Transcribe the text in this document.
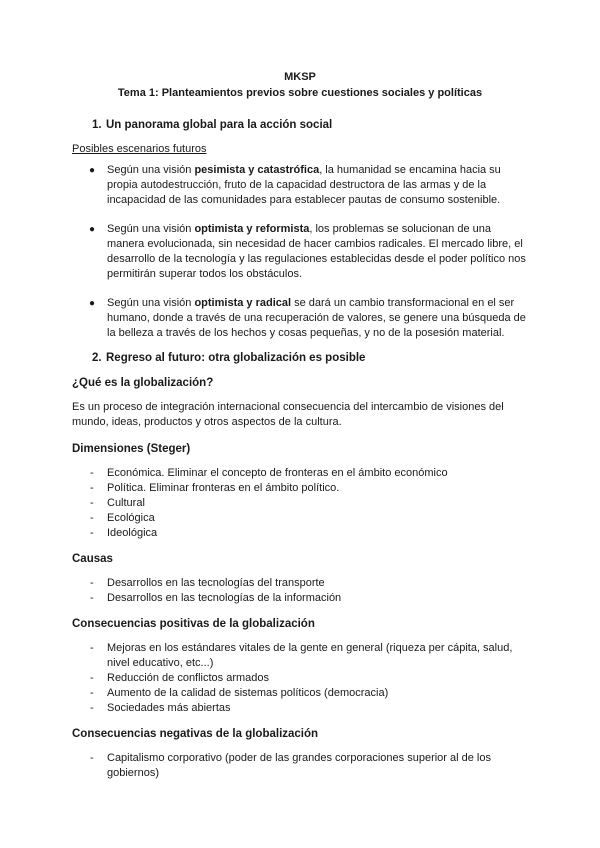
MKSP
Tema 1: Planteamientos previos sobre cuestiones sociales y políticas
1. Un panorama global para la acción social
Posibles escenarios futuros
● Según una visión pesimista y catastrófica, la humanidad se encamina hacia su propia autodestrucción, fruto de la capacidad destructora de las armas y de la incapacidad de las comunidades para establecer pautas de consumo sostenible.
● Según una visión optimista y reformista, los problemas se solucionan de una manera evolucionada, sin necesidad de hacer cambios radicales. El mercado libre, el desarrollo de la tecnología y las regulaciones establecidas desde el poder político nos permitirán superar todos los obstáculos.
● Según una visión optimista y radical se dará un cambio transformacional en el ser humano, donde a través de una recuperación de valores, se genere una búsqueda de la belleza a través de los hechos y cosas pequeñas, y no de la posesión material.
2. Regreso al futuro: otra globalización es posible
¿Qué es la globalización?

Es un proceso de integración internacional consecuencia del intercambio de visiones del mundo, ideas, productos y otros aspectos de la cultura.

Dimensiones (Steger)
- Económica. Eliminar el concepto de fronteras en el ámbito económico
- Política. Eliminar fronteras en el ámbito político.
- Cultural
- Ecológica
- Ideológica
Causas
- Desarrollos en las tecnologías del transporte
- Desarrollos en las tecnologías de la información
Consecuencias positivas de la globalización
- Mejoras en los estándares vitales de la gente en general (riqueza per cápita, salud, nivel educativo, etc...)
- Reducción de conflictos armados
- Aumento de la calidad de sistemas políticos (democracia)
- Sociedades más abiertas
Consecuencias negativas de la globalización
- Capitalismo corporativo (poder de las grandes corporaciones superior al de los gobiernos)
